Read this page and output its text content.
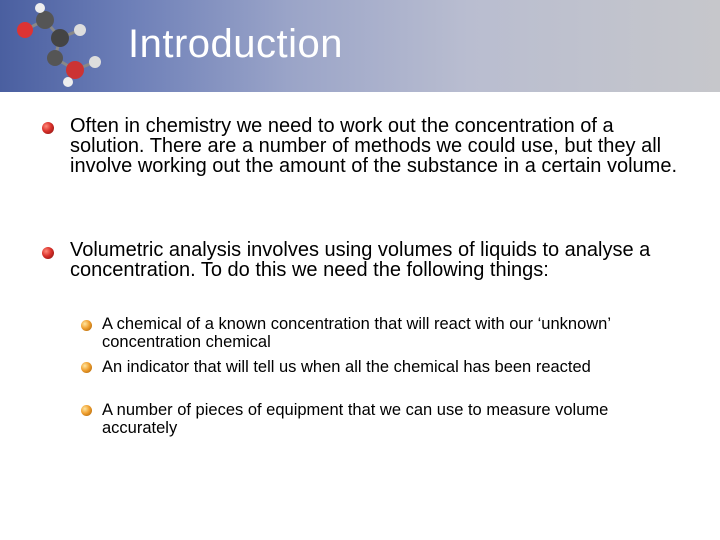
Introduction

Often in chemistry we need to work out the concentration of a solution. There are a number of methods we could use, but they all involve working out the amount of the substance in a certain volume.

Volumetric analysis involves using volumes of liquids to analyse a concentration. To do this we need the following things:

A chemical of a known concentration that will react with our ‘unknown’ concentration chemical

An indicator that will tell us when all the chemical has been reacted

A number of pieces of equipment that we can use to measure volume accurately
